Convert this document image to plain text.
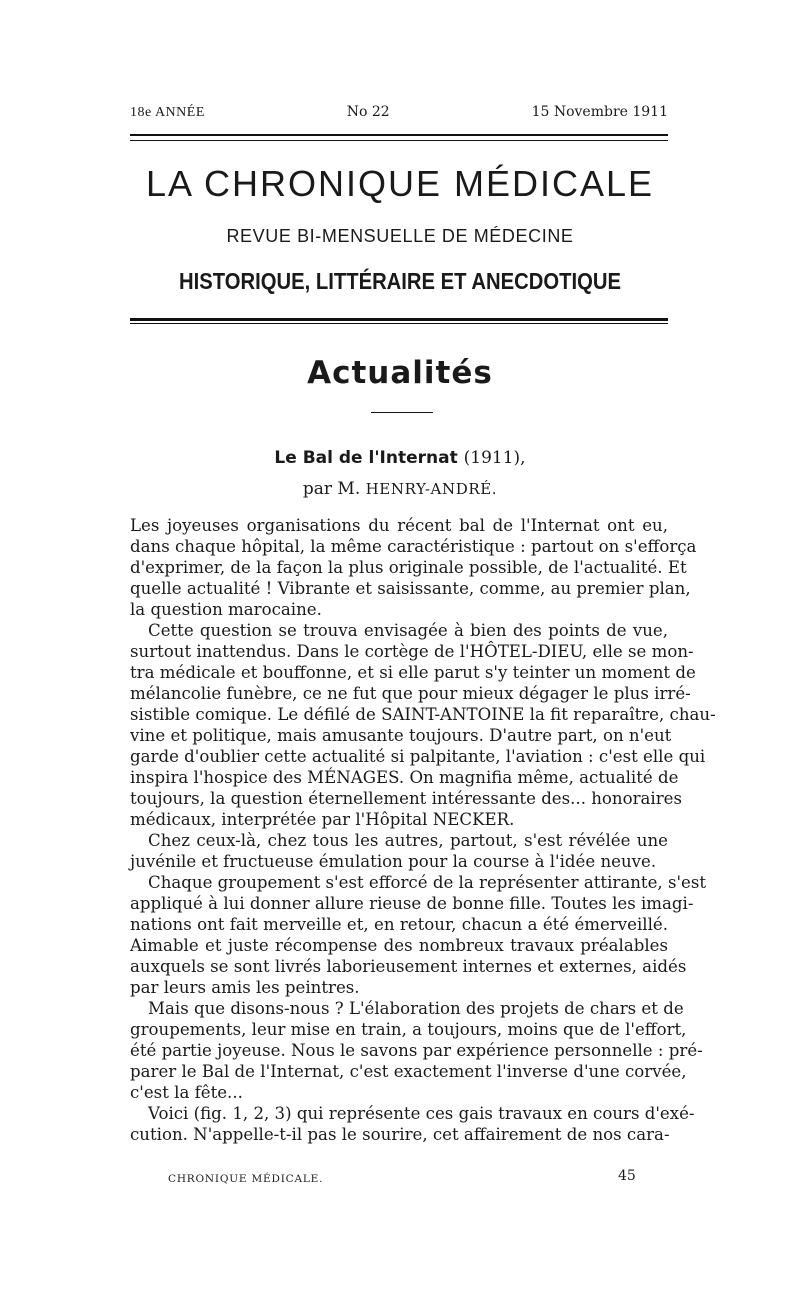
18e ANNÉE	No 22	15 Novembre 1911
LA CHRONIQUE MÉDICALE
REVUE BI-MENSUELLE DE MÉDECINE
HISTORIQUE, LITTÉRAIRE ET ANECDOTIQUE
Actualités
Le Bal de l'Internat (1911),
par M. HENRY-ANDRÉ.
Les joyeuses organisations du récent bal de l'Internat ont eu,
dans chaque hôpital, la même caractéristique : partout on s'efforça
d'exprimer, de la façon la plus originale possible, de l'actualité. Et
quelle actualité ! Vibrante et saisissante, comme, au premier plan,
la question marocaine.
Cette question se trouva envisagée à bien des points de vue,
surtout inattendus. Dans le cortège de l'HÔTEL-DIEU, elle se mon-
tra médicale et bouffonne, et si elle parut s'y teinter un moment de
mélancolie funèbre, ce ne fut que pour mieux dégager le plus irré-
sistible comique. Le défilé de SAINT-ANTOINE la fit reparaître, chau-
vine et politique, mais amusante toujours. D'autre part, on n'eut
garde d'oublier cette actualité si palpitante, l'aviation : c'est elle qui
inspira l'hospice des MÉNAGES. On magnifia même, actualité de
toujours, la question éternellement intéressante des... honoraires
médicaux, interprétée par l'Hôpital NECKER.
Chez ceux-là, chez tous les autres, partout, s'est révélée une
juvénile et fructueuse émulation pour la course à l'idée neuve.
Chaque groupement s'est efforcé de la représenter attirante, s'est
appliqué à lui donner allure rieuse de bonne fille. Toutes les imagi-
nations ont fait merveille et, en retour, chacun a été émerveillé.
Aimable et juste récompense des nombreux travaux préalables
auxquels se sont livrés laborieusement internes et externes, aidés
par leurs amis les peintres.
Mais que disons-nous ? L'élaboration des projets de chars et de
groupements, leur mise en train, a toujours, moins que de l'effort,
été partie joyeuse. Nous le savons par expérience personnelle : pré-
parer le Bal de l'Internat, c'est exactement l'inverse d'une corvée,
c'est la fête...
Voici (fig. 1, 2, 3) qui représente ces gais travaux en cours d'exé-
cution. N'appelle-t-il pas le sourire, cet affairement de nos cara-
CHRONIQUE MÉDICALE.	45
